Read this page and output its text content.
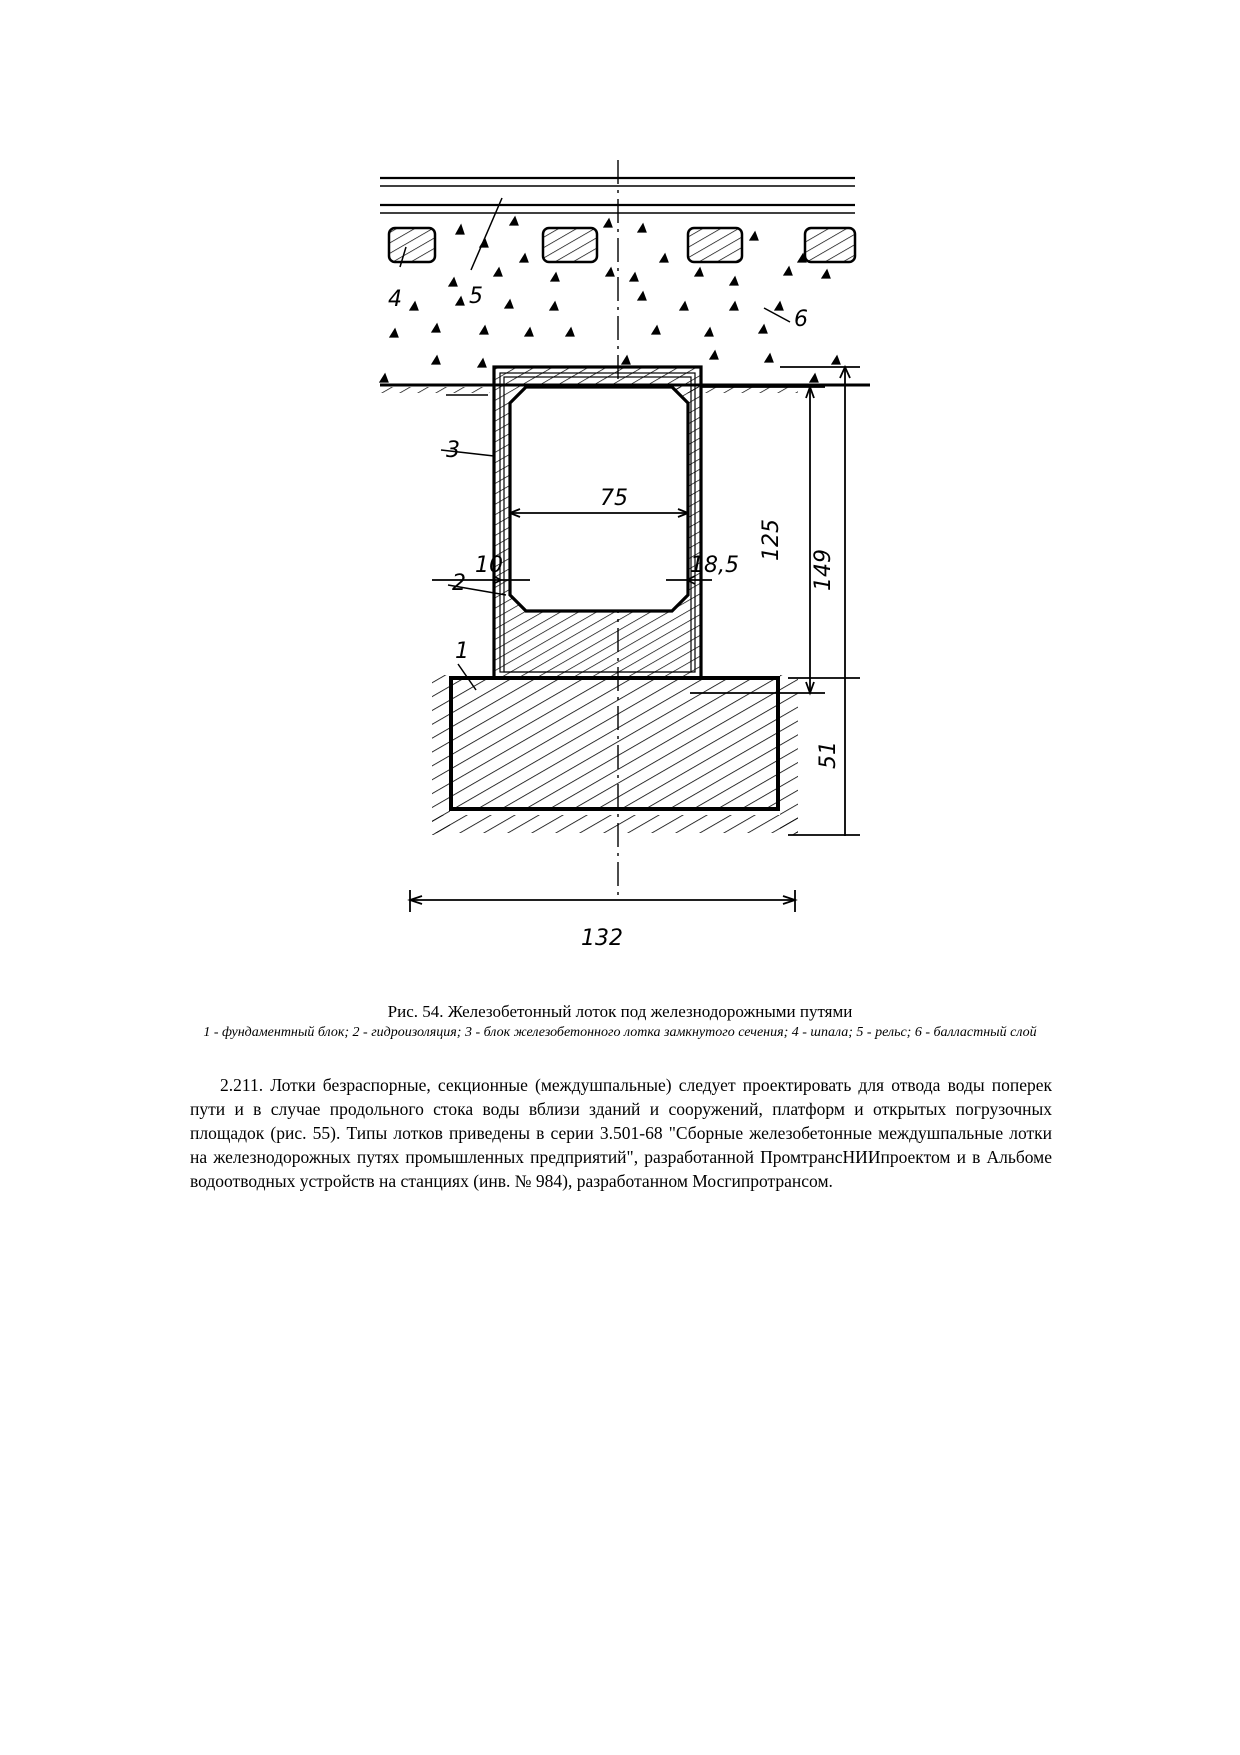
4	5
6
3
2
1
75
10	18,5
125
149
51
132
Рис. 54. Железобетонный лоток под железнодорожными путями
1 - фундаментный блок; 2 - гидроизоляция; 3 - блок железобетонного лотка замкнутого сечения; 4 - шпала; 5 - рельс; 6 - балластный слой

2.211. Лотки безраспорные, секционные (междушпальные) следует проектировать для отвода воды поперек пути и в случае продольного стока воды вблизи зданий и сооружений, платформ и открытых погрузочных площадок (рис. 55). Типы лотков приведены в серии 3.501-68 "Сборные железобетонные междушпальные лотки на железнодорожных путях промышленных предприятий", разработанной ПромтрансНИИпроектом и в Альбоме водоотводных устройств на станциях (инв. № 984), разработанном Мосгипротрансом.
